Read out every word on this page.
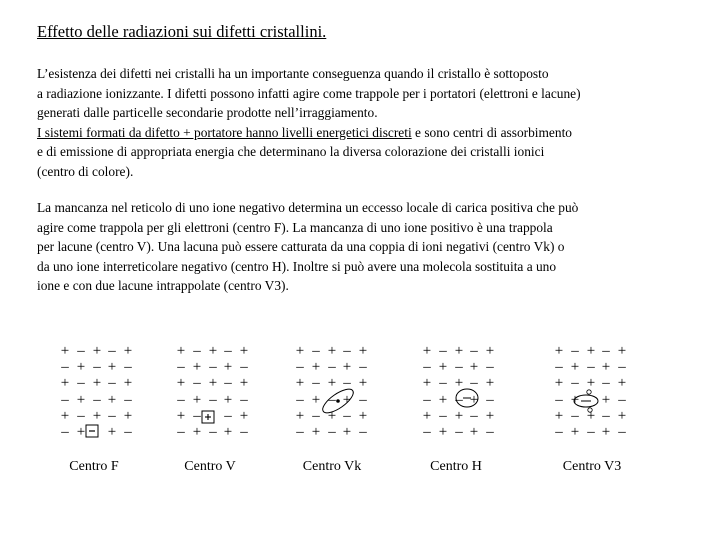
Effetto delle radiazioni sui difetti cristallini.
L’esistenza dei difetti nei cristalli ha un importante conseguenza quando il cristallo è sottoposto
a radiazione ionizzante. I difetti possono infatti agire come trappole per i portatori (elettroni e lacune)
generati dalle particelle secondarie prodotte nell’irraggiamento.
I sistemi formati da difetto + portatore hanno livelli energetici discreti e sono centri di assorbimento
e di emissione di appropriata energia che determinano la diversa colorazione dei cristalli ionici
(centro di colore).
La mancanza nel reticolo di uno ione negativo determina un eccesso locale di carica positiva che può
agire come trappola per gli elettroni (centro F). La mancanza di uno ione positivo è una trappola
per lacune (centro V). Una lacuna può essere catturata da una coppia di ioni negativi (centro Vk) o
da uno ione interreticolare negativo (centro H). Inoltre si può avere una molecola sostituita a uno
ione e con due lacune intrappolate (centro V3).
+ – + – +
– + – + –
+ – + – +
– + – + –
+ – + – +
– + + –
+ – + – +
– + – + –
+ – + – +
– + – + –
+ – – +
– + – + –
+ – + – +
– + – + –
+ – + – +
– + – + –
+ – + – +
– + – + –
+ – + – +
– + – + –
+ – + – +
– + – + –
+ – + – +
– + – + –
+ – + – +
– + – + –
+ – + – +
– + + –
+ – + – +
– + – + –
Centro F	Centro V	Centro Vk	Centro H	Centro V3
